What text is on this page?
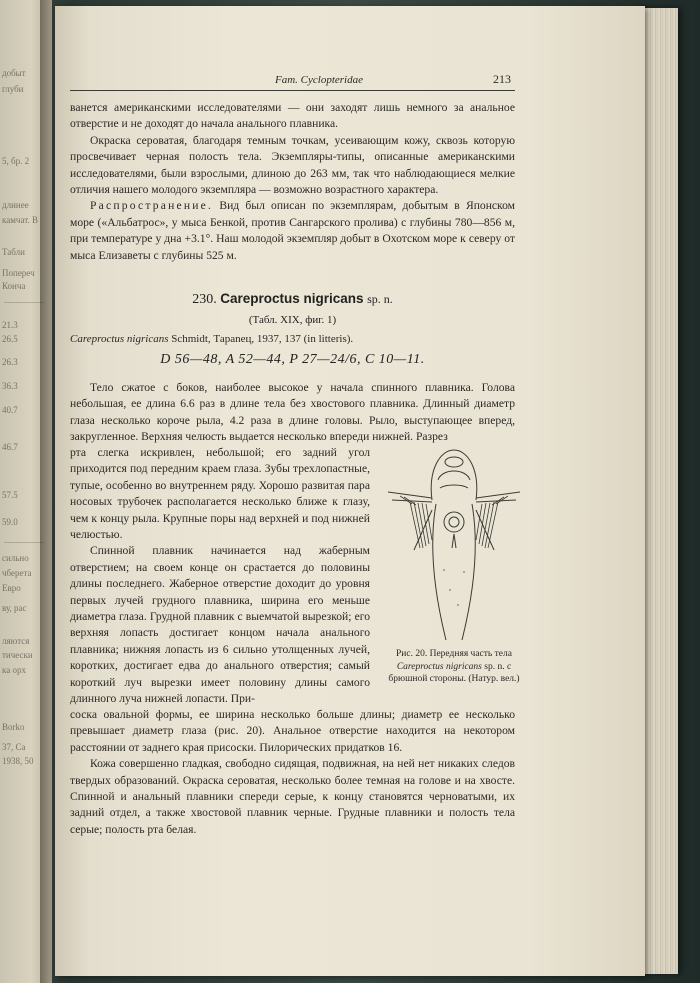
добыт
глуби
5, бр. 2
длинее
камчат. В
Табли
Попереч
Конча
21.3
26.5
26.3
36.3
40.7
46.7
57.5
59.0
сильно
чберета
Евро
ву, рас
ляются
тически
ка орх
Borko
37, Са
1938, 50
Fam. Cyclopteridae	213

ванется американскими исследователями — они заходят лишь немного за анальное отверстие и не доходят до начала анального плавника.

Окраска сероватая, благодаря темным точкам, усеивающим кожу, сквозь которую просвечивает черная полость тела. Экземпляры-типы, описанные американскими исследователями, были взрослыми, длиною до 263 мм, так что наблюдающиеся мелкие отличия нашего молодого экземпляра — возможно возрастного характера.

Распространение. Вид был описан по экземплярам, добытым в Японском море («Альбатрос», у мыса Бенкой, против Сангарского пролива) с глубины 780—856 м, при температуре у дна +3.1°. Наш молодой экземпляр добыт в Охотском море к северу от мыса Елизаветы с глубины 525 м.

230. Careproctus nigricans sp. n.
(Табл. XIX, фиг. 1)
Careproctus nigricans Schmidt, Тараnец, 1937, 137 (in litteris).
D 56—48, A 52—44, P 27—24/6, C 10—11.

Тело сжатое с боков, наиболее высокое у начала спинного плавника. Голова небольшая, ее длина 6.6 раз в длине тела без хвостового плавника. Длинный диаметр глаза несколько короче рыла, 4.2 раза в длине головы. Рыло, выступающее вперед, закругленное. Верхняя челюсть выдается несколько впереди нижней. Разрез

рта слегка искривлен, небольшой; его задний угол приходится под передним краем глаза. Зубы трехлопастные, тупые, особенно во внутреннем ряду. Хорошо развитая пара носовых трубочек располагается несколько ближе к глазу, чем к концу рыла. Крупные поры над верхней и под нижней челюстью.

Спинной плавник начинается над жаберным отверстием; на своем конце он срастается до половины длины последнего. Жаберное отверстие доходит до уровня первых лучей грудного плавника, ширина его меньше диаметра глаза. Грудной плавник с выемчатой вырезкой; его верхняя лопасть достигает концом начала анального плавника; нижняя лопасть из 6 сильно утолщенных лучей, коротких, достигает едва до анального отверстия; самый короткий луч вырезки имеет половину длины самого длинного луча нижней лопасти. При-

соска овальной формы, ее ширина несколько больше длины; диаметр ее несколько превышает диаметр глаза (рис. 20). Анальное отверстие находится на некотором расстоянии от заднего края присоски. Пилорических придатков 16.

Кожа совершенно гладкая, свободно сидящая, подвижная, на ней нет никаких следов твердых образований. Окраска сероватая, несколько более темная на голове и на хвосте. Спинной и анальный плавники спереди серые, к концу становятся черноватыми, их задний отдел, а также хвостовой плавник черные. Грудные плавники и полость тела серые; полость рта белая.

Рис. 20. Передняя часть тела Careproctus nigricans sp. n. с брюшной стороны. (Натур. вел.)
